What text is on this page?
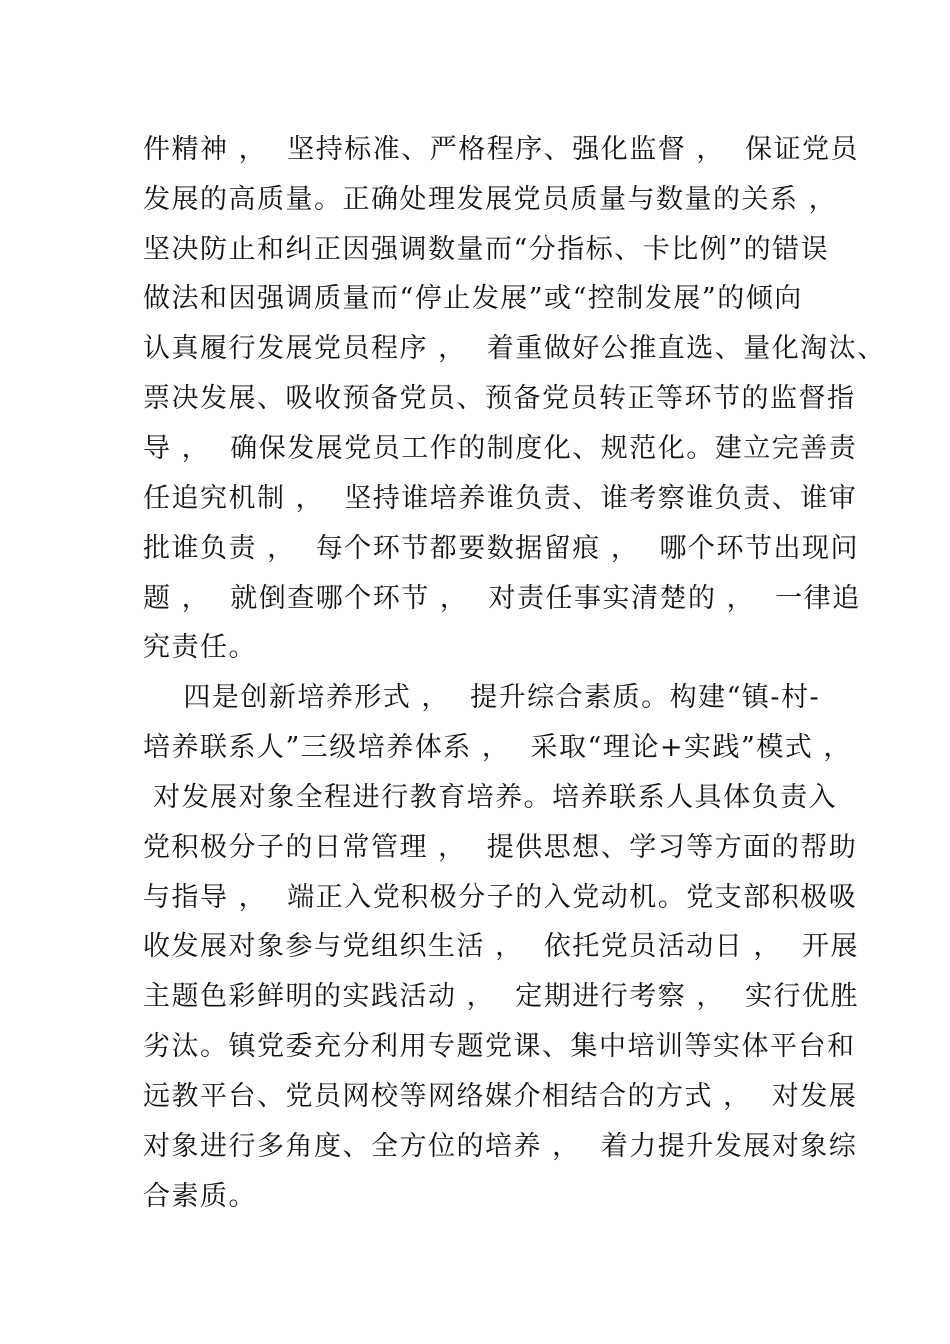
件精神 ，  坚持标准、严格程序、强化监督 ，  保证党员
发展的高质量。正确处理发展党员质量与数量的关系 ，
坚决防止和纠正因强调数量而“分指标、卡比例”的错误
做法和因强调质量而“停止发展”或“控制发展”的倾向
认真履行发展党员程序 ，  着重做好公推直选、量化淘汰、
票决发展、吸收预备党员、预备党员转正等环节的监督指
导 ，  确保发展党员工作的制度化、规范化。建立完善责
任追究机制 ，  坚持谁培养谁负责、谁考察谁负责、谁审
批谁负责 ，  每个环节都要数据留痕 ，  哪个环节出现问
题 ，  就倒查哪个环节 ，  对责任事实清楚的 ，  一律追
究责任。
四是创新培养形式 ，  提升综合素质。构建“镇-村-
培养联系人”三级培养体系 ，  采取“理论+实践”模式 ，
对发展对象全程进行教育培养。培养联系人具体负责入
党积极分子的日常管理 ，  提供思想、学习等方面的帮助
与指导 ，  端正入党积极分子的入党动机。党支部积极吸
收发展对象参与党组织生活 ，  依托党员活动日 ，  开展
主题色彩鲜明的实践活动 ，  定期进行考察 ，  实行优胜
劣汰。镇党委充分利用专题党课、集中培训等实体平台和
远教平台、党员网校等网络媒介相结合的方式 ，  对发展
对象进行多角度、全方位的培养 ，  着力提升发展对象综
合素质。
